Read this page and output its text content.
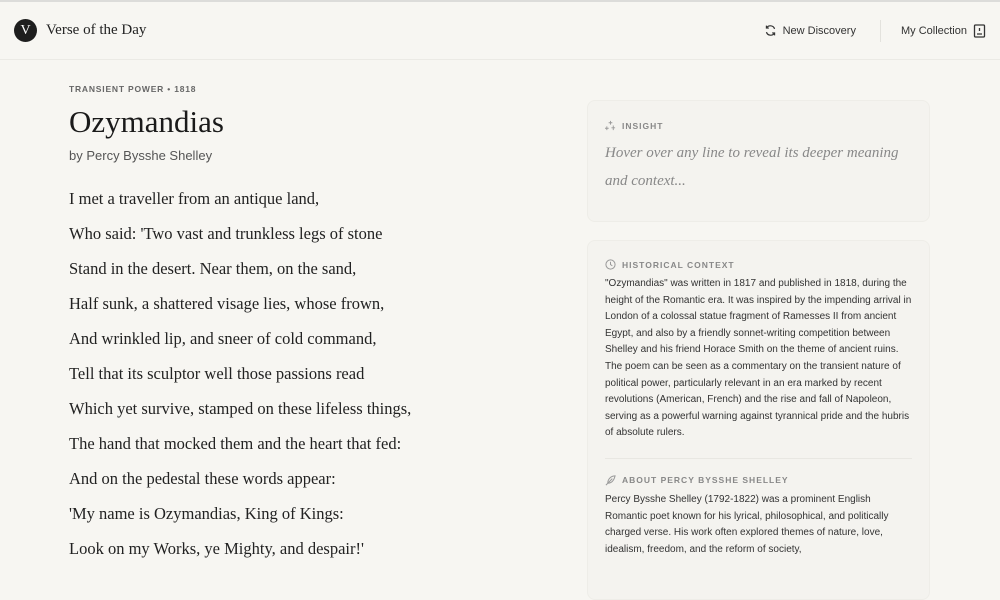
V	Verse of the Day	New Discovery	My Collection
TRANSIENT POWER • 1818
Ozymandias
by Percy Bysshe Shelley
I met a traveller from an antique land,
Who said: 'Two vast and trunkless legs of stone
Stand in the desert. Near them, on the sand,
Half sunk, a shattered visage lies, whose frown,
And wrinkled lip, and sneer of cold command,
Tell that its sculptor well those passions read
Which yet survive, stamped on these lifeless things,
The hand that mocked them and the heart that fed:
And on the pedestal these words appear:
'My name is Ozymandias, King of Kings:
Look on my Works, ye Mighty, and despair!'
INSIGHT
Hover over any line to reveal its deeper meaning and context...
HISTORICAL CONTEXT
"Ozymandias" was written in 1817 and published in 1818, during the height of the Romantic era. It was inspired by the impending arrival in London of a colossal statue fragment of Ramesses II from ancient Egypt, and also by a friendly sonnet-writing competition between Shelley and his friend Horace Smith on the theme of ancient ruins. The poem can be seen as a commentary on the transient nature of political power, particularly relevant in an era marked by recent revolutions (American, French) and the rise and fall of Napoleon, serving as a powerful warning against tyrannical pride and the hubris of absolute rulers.
ABOUT PERCY BYSSHE SHELLEY
Percy Bysshe Shelley (1792-1822) was a prominent English Romantic poet known for his lyrical, philosophical, and politically charged verse. His work often explored themes of nature, love, idealism, freedom, and the reform of society,
